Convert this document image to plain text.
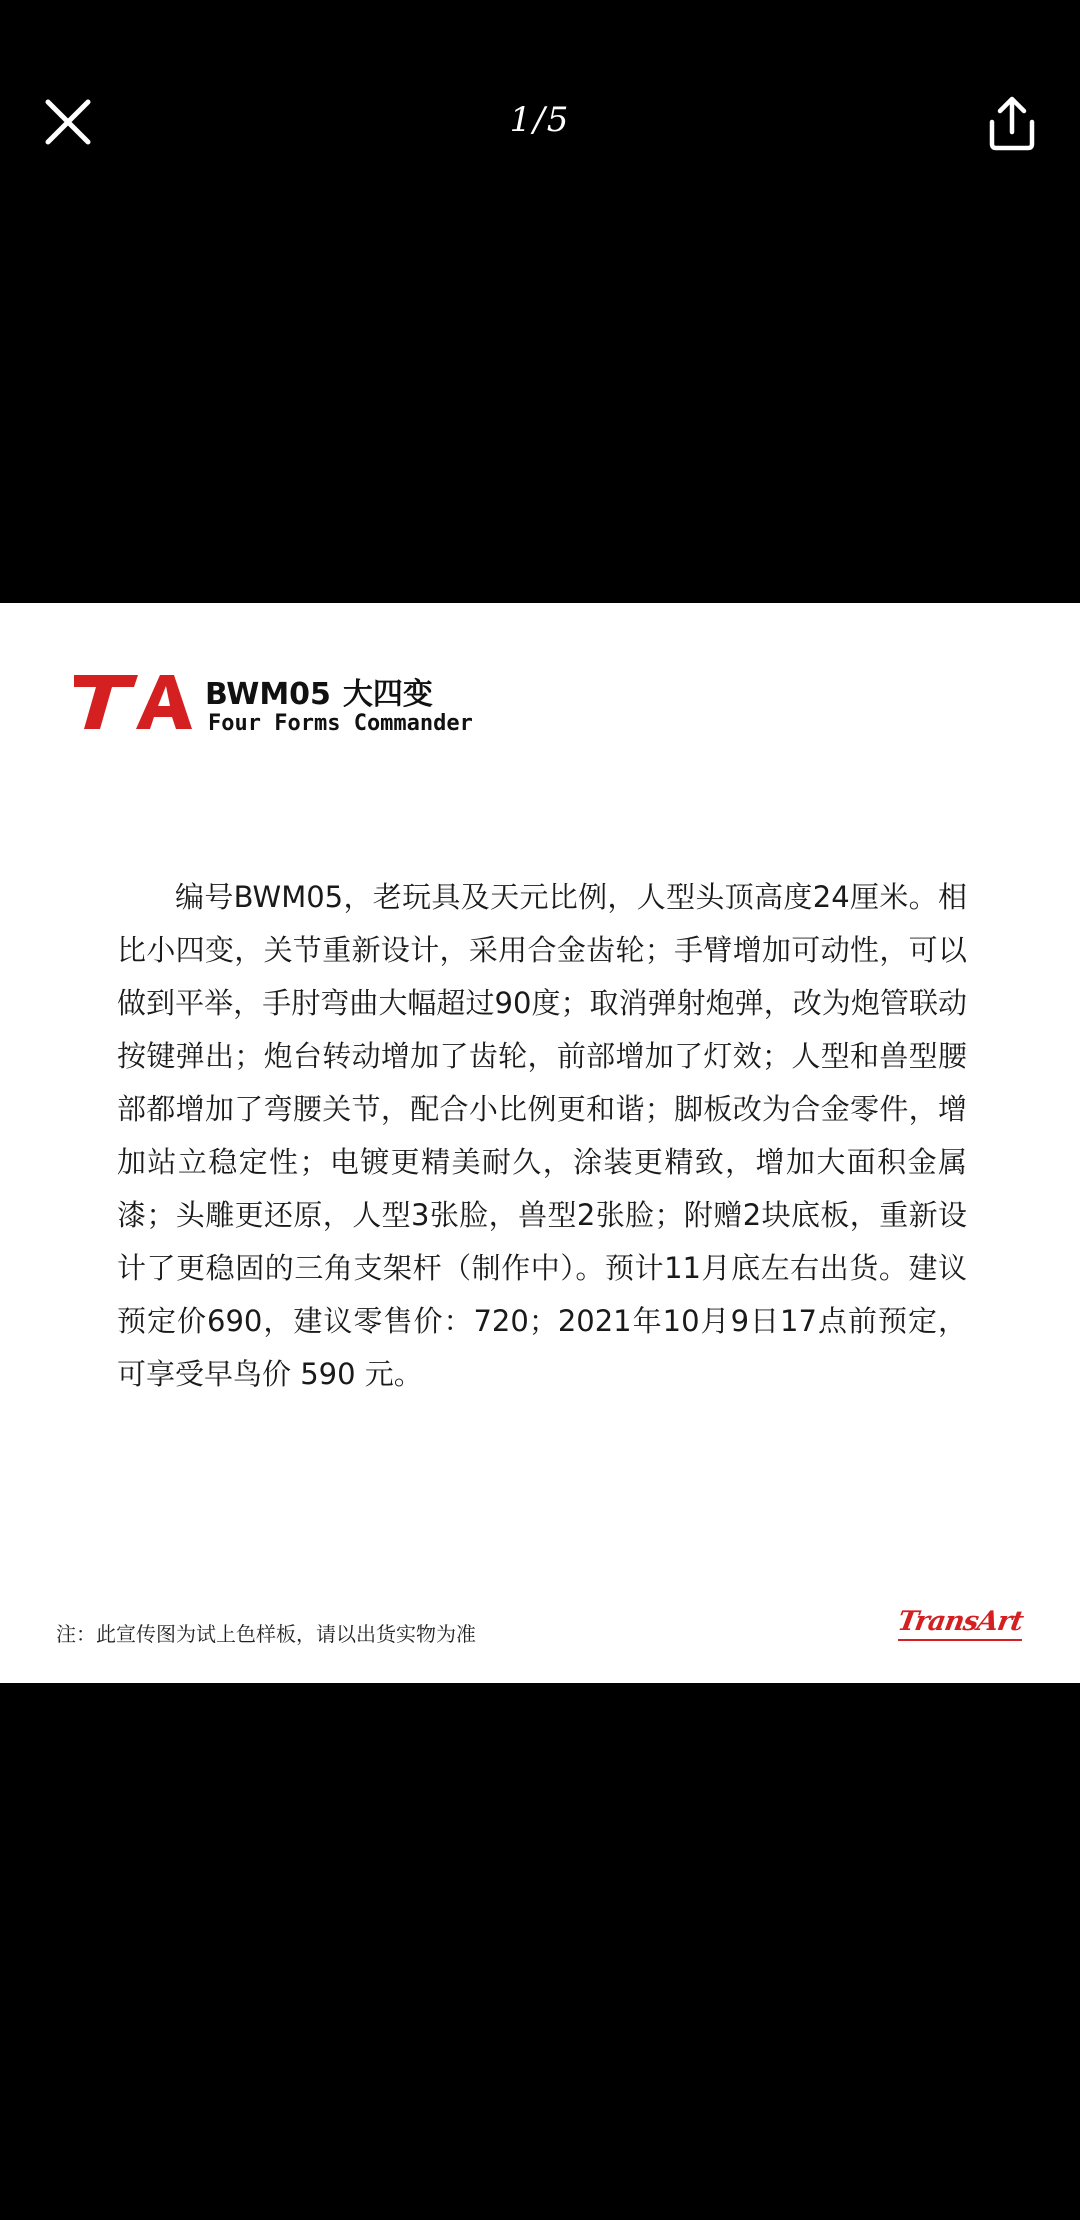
1/5
BWM05 大四变
Four Forms Commander
编号BWM05，老玩具及天元比例，人型头顶高度24厘米。相比小四变，关节重新设计，采用合金齿轮；手臂增加可动性，可以做到平举，手肘弯曲大幅超过90度；取消弹射炮弹，改为炮管联动按键弹出；炮台转动增加了齿轮，前部增加了灯效；人型和兽型腰部都增加了弯腰关节，配合小比例更和谐；脚板改为合金零件，增加站立稳定性；电镀更精美耐久，涂装更精致，增加大面积金属漆；头雕更还原，人型3张脸，兽型2张脸；附赠2块底板，重新设计了更稳固的三角支架杆（制作中）。预计11月底左右出货。建议预定价690，建议零售价：720；2021年10月9日17点前预定，可享受早鸟价 590 元。
注：此宣传图为试上色样板，请以出货实物为准	TransArt
